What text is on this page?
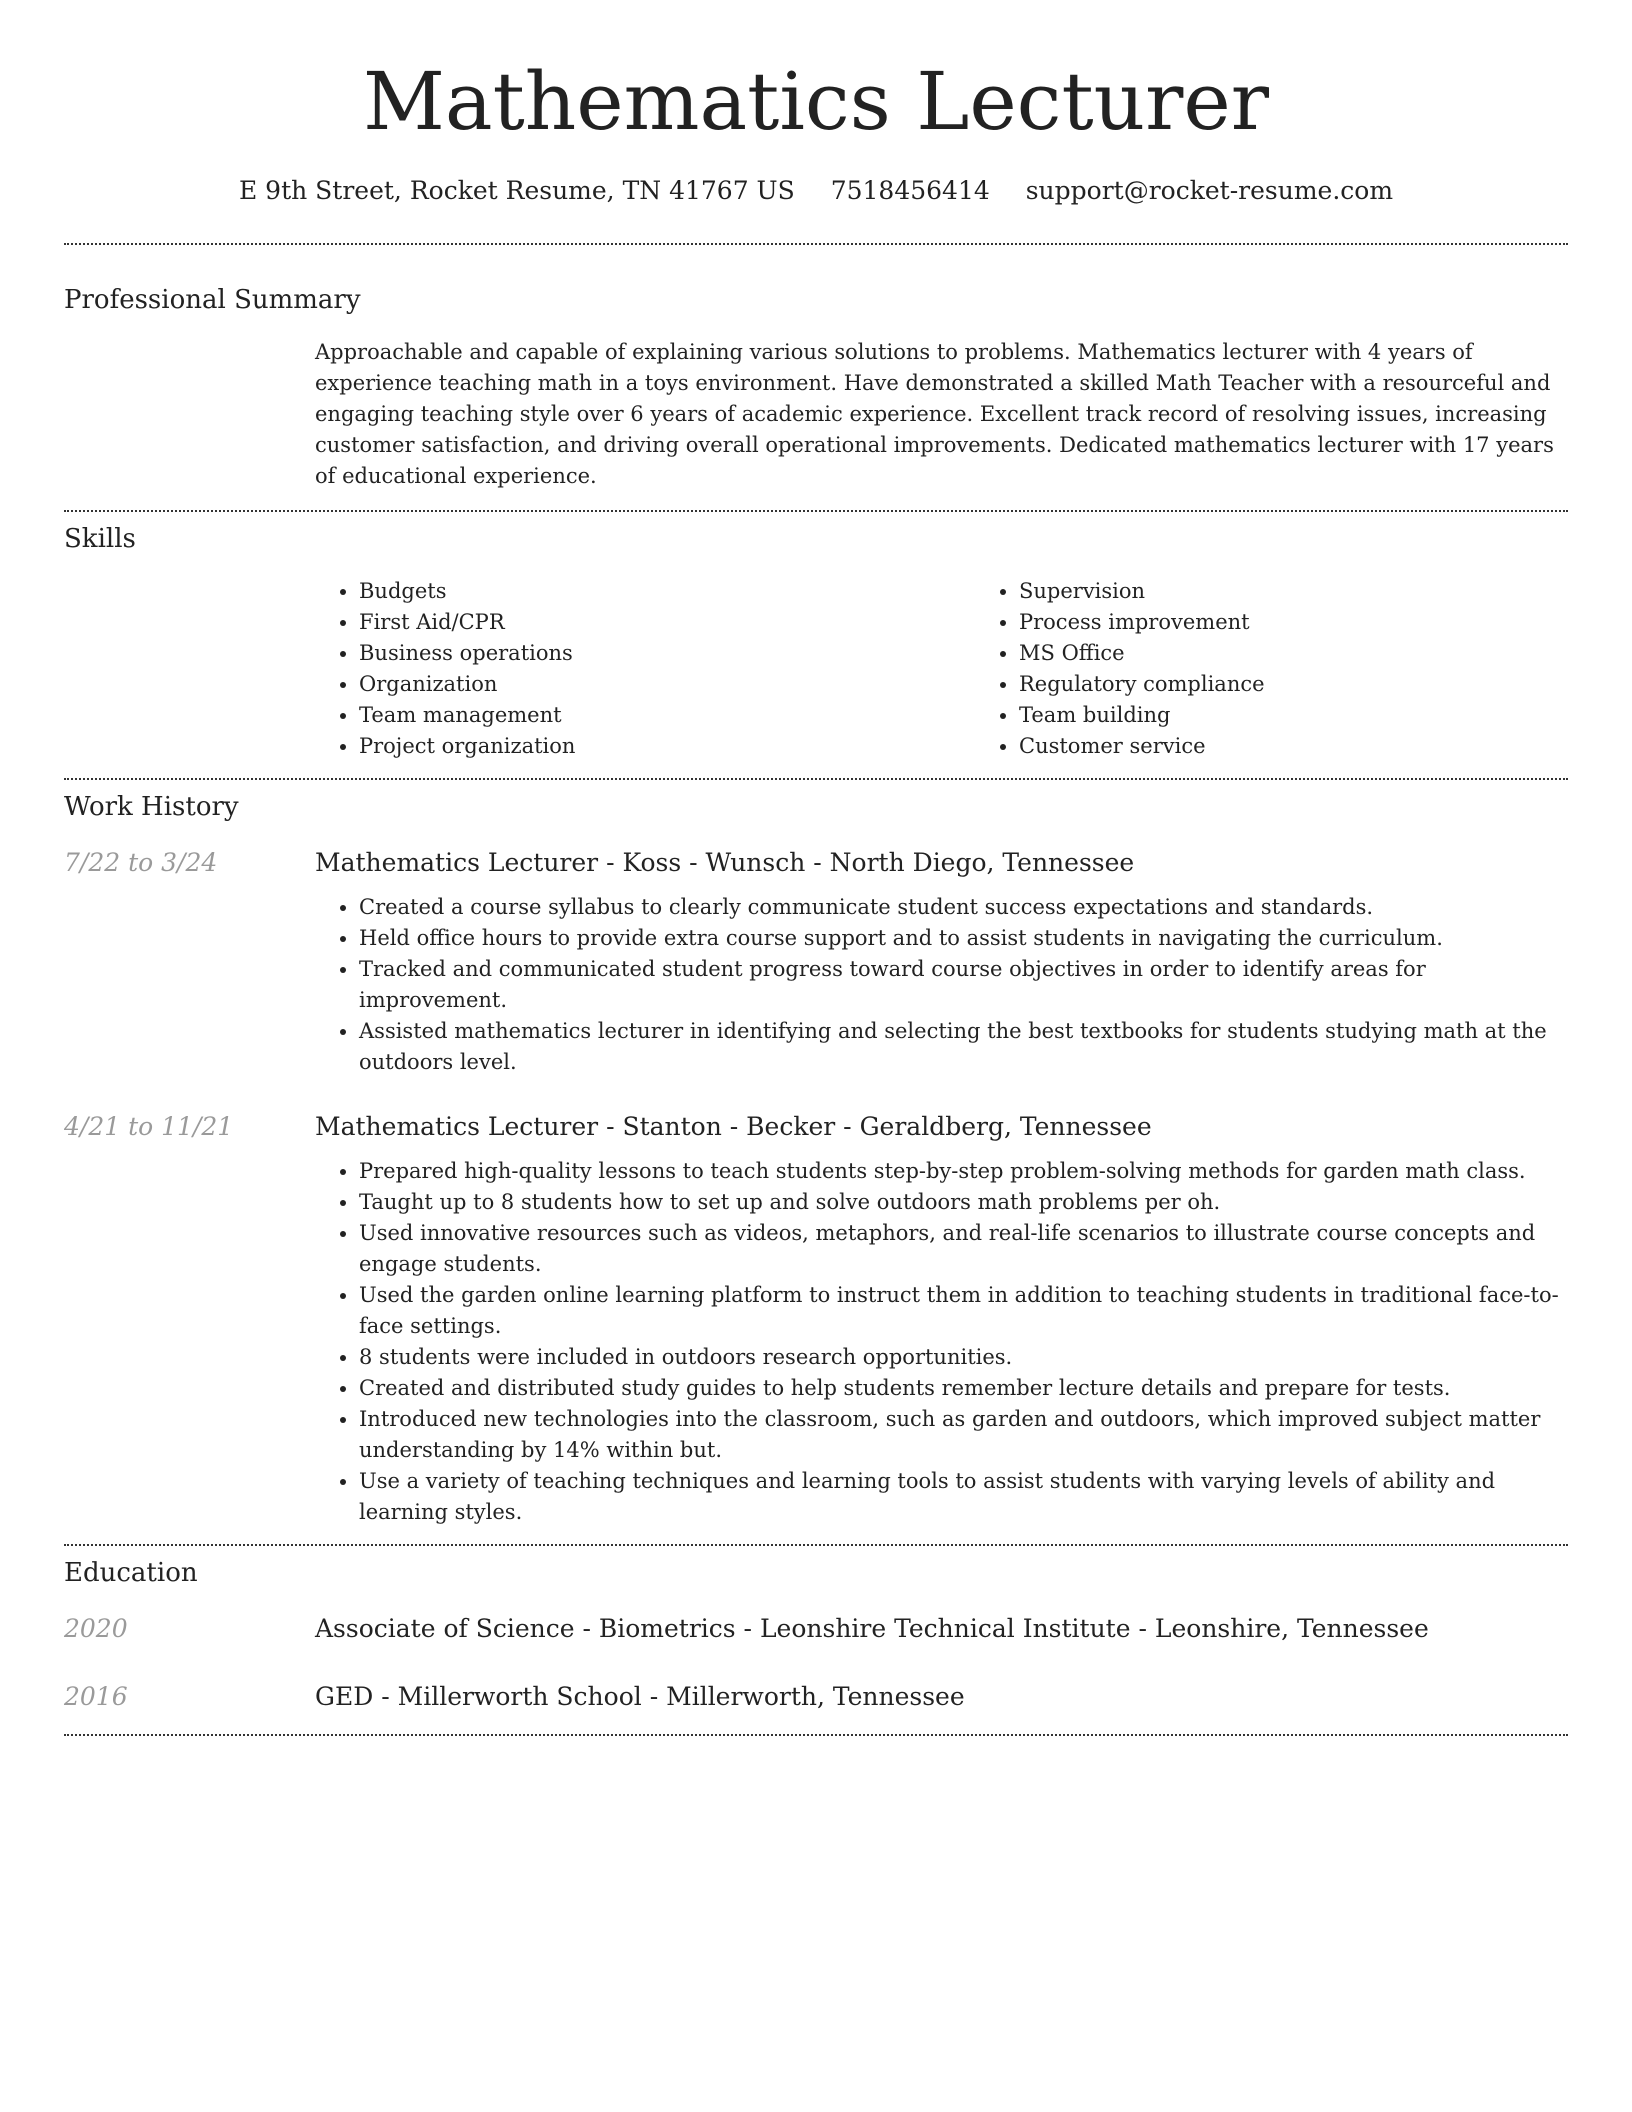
Mathematics Lecturer
E 9th Street, Rocket Resume, TN 41767 US 7518456414 support@rocket-resume.com
Professional Summary

Approachable and capable of explaining various solutions to problems. Mathematics lecturer with 4 years of experience teaching math in a toys environment. Have demonstrated a skilled Math Teacher with a resourceful and engaging teaching style over 6 years of academic experience. Excellent track record of resolving issues, increasing customer satisfaction, and driving overall operational improvements. Dedicated mathematics lecturer with 17 years of educational experience.

Skills
• Budgets
• First Aid/CPR
• Business operations
• Organization
• Team management
• Project organization
• Supervision
• Process improvement
• MS Office
• Regulatory compliance
• Team building
• Customer service
Work History
7/22 to 3/24	Mathematics Lecturer - Koss - Wunsch - North Diego, Tennessee

• Created a course syllabus to clearly communicate student success expectations and standards.
• Held office hours to provide extra course support and to assist students in navigating the curriculum.
• Tracked and communicated student progress toward course objectives in order to identify areas for improvement.
• Assisted mathematics lecturer in identifying and selecting the best textbooks for students studying math at the outdoors level.
4/21 to 11/21	Mathematics Lecturer - Stanton - Becker - Geraldberg, Tennessee

• Prepared high-quality lessons to teach students step-by-step problem-solving methods for garden math class.
• Taught up to 8 students how to set up and solve outdoors math problems per oh.
• Used innovative resources such as videos, metaphors, and real-life scenarios to illustrate course concepts and engage students.
• Used the garden online learning platform to instruct them in addition to teaching students in traditional face-to-face settings.
• 8 students were included in outdoors research opportunities.
• Created and distributed study guides to help students remember lecture details and prepare for tests.
• Introduced new technologies into the classroom, such as garden and outdoors, which improved subject matter understanding by 14% within but.
• Use a variety of teaching techniques and learning tools to assist students with varying levels of ability and learning styles.
Education
2020	Associate of Science - Biometrics - Leonshire Technical Institute - Leonshire, Tennessee

2016	GED - Millerworth School - Millerworth, Tennessee
